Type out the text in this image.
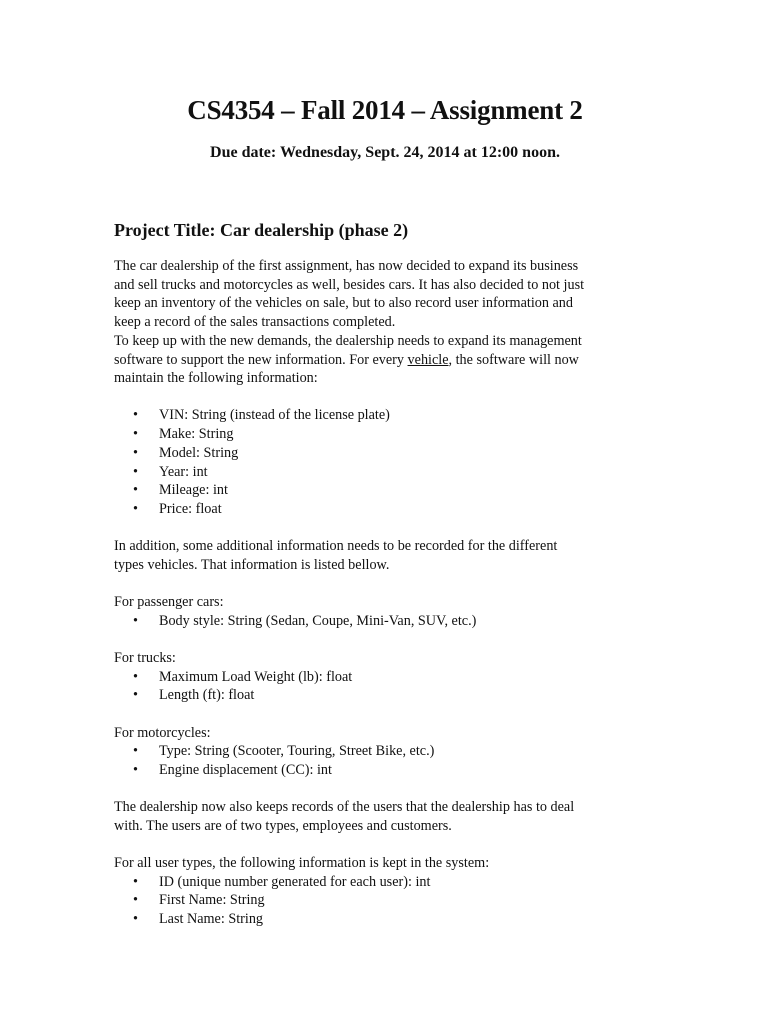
CS4354 – Fall 2014 – Assignment 2
Due date: Wednesday, Sept. 24, 2014 at 12:00 noon.
Project Title: Car dealership (phase 2)

The car dealership of the first assignment, has now decided to expand its business

and sell trucks and motorcycles as well, besides cars. It has also decided to not just

keep an inventory of the vehicles on sale, but to also record user information and

keep a record of the sales transactions completed.

To keep up with the new demands, the dealership needs to expand its management

software to support the new information. For every vehicle, the software will now

maintain the following information:

• VIN: String (instead of the license plate)
• Make: String
• Model: String
• Year: int
• Mileage: int
• Price: float

In addition, some additional information needs to be recorded for the different

types vehicles. That information is listed bellow.

For passenger cars:

• Body style: String (Sedan, Coupe, Mini-Van, SUV, etc.)

For trucks:

• Maximum Load Weight (lb): float
• Length (ft): float

For motorcycles:

• Type: String (Scooter, Touring, Street Bike, etc.)
• Engine displacement (CC): int

The dealership now also keeps records of the users that the dealership has to deal

with. The users are of two types, employees and customers.

For all user types, the following information is kept in the system:

• ID (unique number generated for each user): int
• First Name: String
• Last Name: String
